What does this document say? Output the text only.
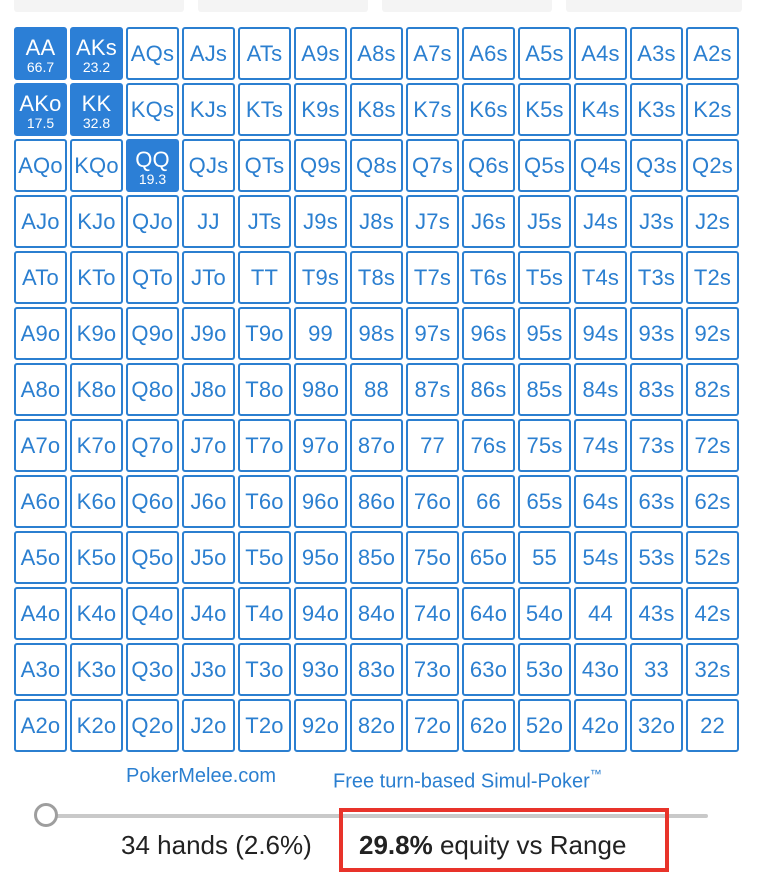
AA
66.7
AKs
23.2
AQs AJs ATs A9s A8s A7s A6s A5s A4s A3s A2s
AKo
17.5
KK
32.8
KQs KJs KTs K9s K8s K7s K6s K5s K4s K3s K2s
AQo KQo QQ
19.3
QJs QTs Q9s Q8s Q7s Q6s Q5s Q4s Q3s Q2s
AJo KJo QJo JJ JTs J9s J8s J7s J6s J5s J4s J3s J2s
ATo KTo QTo JTo TT T9s T8s T7s T6s T5s T4s T3s T2s
A9o K9o Q9o J9o T9o 99 98s 97s 96s 95s 94s 93s 92s
A8o K8o Q8o J8o T8o 98o 88 87s 86s 85s 84s 83s 82s
A7o K7o Q7o J7o T7o 97o 87o 77 76s 75s 74s 73s 72s
A6o K6o Q6o J6o T6o 96o 86o 76o 66 65s 64s 63s 62s
A5o K5o Q5o J5o T5o 95o 85o 75o 65o 55 54s 53s 52s
A4o K4o Q4o J4o T4o 94o 84o 74o 64o 54o 44 43s 42s
A3o K3o Q3o J3o T3o 93o 83o 73o 63o 53o 43o 33 32s
A2o K2o Q2o J2o T2o 92o 82o 72o 62o 52o 42o 32o 22
PokerMelee.com	Free turn-based Simul-Poker™
34 hands (2.6%) 29.8% equity vs Range
